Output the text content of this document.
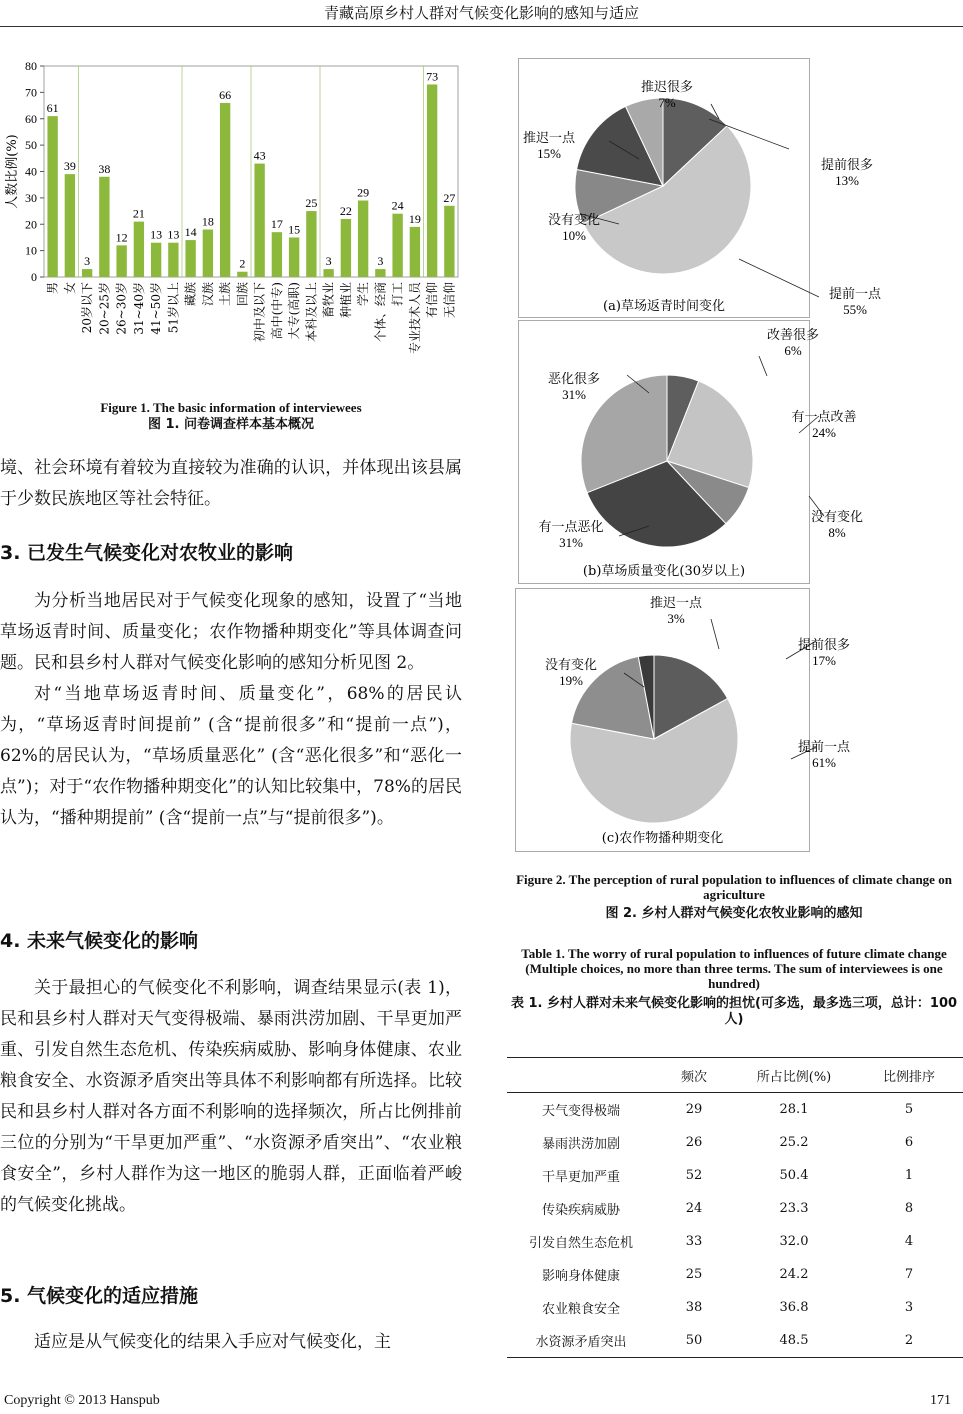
青藏高原乡村人群对气候变化影响的感知与适应
0
10
20
30
40
50
60
70
80
人数比例(%)
61
男
39
女
3
20岁以下
38
20~25岁
12
26~30岁
21
31~40岁
13
41~50岁
13
51岁以上
14
藏族
18
汉族
66
土族
2
回族
43
初中及以下
17
高中(中专)
15
大专(高职)
25
本科及以上
3
畜牧业
22
种植业
29
学生
3
个体、经商
24
打工
19
专业技术人员
73
有信仰
27
无信仰
Figure 1. The basic information of interviewees
图 1. 问卷调查样本基本概况

境、社会环境有着较为直接较为准确的认识，并体现出该县属于少数民族地区等社会特征。

3. 已发生气候变化对农牧业的影响

为分析当地居民对于气候变化现象的感知，设置了“当地草场返青时间、质量变化；农作物播种期变化”等具体调查问题。民和县乡村人群对气候变化影响的感知分析见图 2。

对“当地草场返青时间、质量变化”，68%的居民认为，“草场返青时间提前” (含“提前很多”和“提前一点”)，62%的居民认为，“草场质量恶化” (含“恶化很多”和“恶化一点”)；对于“农作物播种期变化”的认知比较集中，78%的居民认为，“播种期提前” (含“提前一点”与“提前很多”)。

4. 未来气候变化的影响

关于最担心的气候变化不利影响，调查结果显示(表 1)，民和县乡村人群对天气变得极端、暴雨洪涝加剧、干旱更加严重、引发自然生态危机、传染疾病威胁、影响身体健康、农业粮食安全、水资源矛盾突出等具体不利影响都有所选择。比较民和县乡村人群对各方面不利影响的选择频次，所占比例排前三位的分别为“干旱更加严重”、“水资源矛盾突出”、“农业粮食安全”，乡村人群作为这一地区的脆弱人群，正面临着严峻的气候变化挑战。

5. 气候变化的适应措施

适应是从气候变化的结果入手应对气候变化，主

提前很多
13%
提前一点
55%
没有变化
10%
推迟一点
15%
推迟很多
7%
(a)草场返青时间变化
改善很多
6%
有一点改善
24%
没有变化
8%
有一点恶化
31%
恶化很多
31%
(b)草场质量变化(30岁以上)
提前很多
17%
提前一点
61%
没有变化
19%
推迟一点
3%
(c)农作物播种期变化
Figure 2. The perception of rural population to influences of climate change on agriculture
图 2. 乡村人群对气候变化农牧业影响的感知
Table 1. The worry of rural population to influences of future climate change (Multiple choices, no more than three terms. The sum of interviewees is one hundred)
表 1. 乡村人群对未来气候变化影响的担忧(可多选，最多选三项，总计：100 人)
	频次	所占比例(%)	比例排序
天气变得极端	29	28.1	5
暴雨洪涝加剧	26	25.2	6
干旱更加严重	52	50.4	1
传染疾病威胁	24	23.3	8
引发自然生态危机	33	32.0	4
影响身体健康	25	24.2	7
农业粮食安全	38	36.8	3
水资源矛盾突出	50	48.5	2
Copyright © 2013 Hanspub	171
